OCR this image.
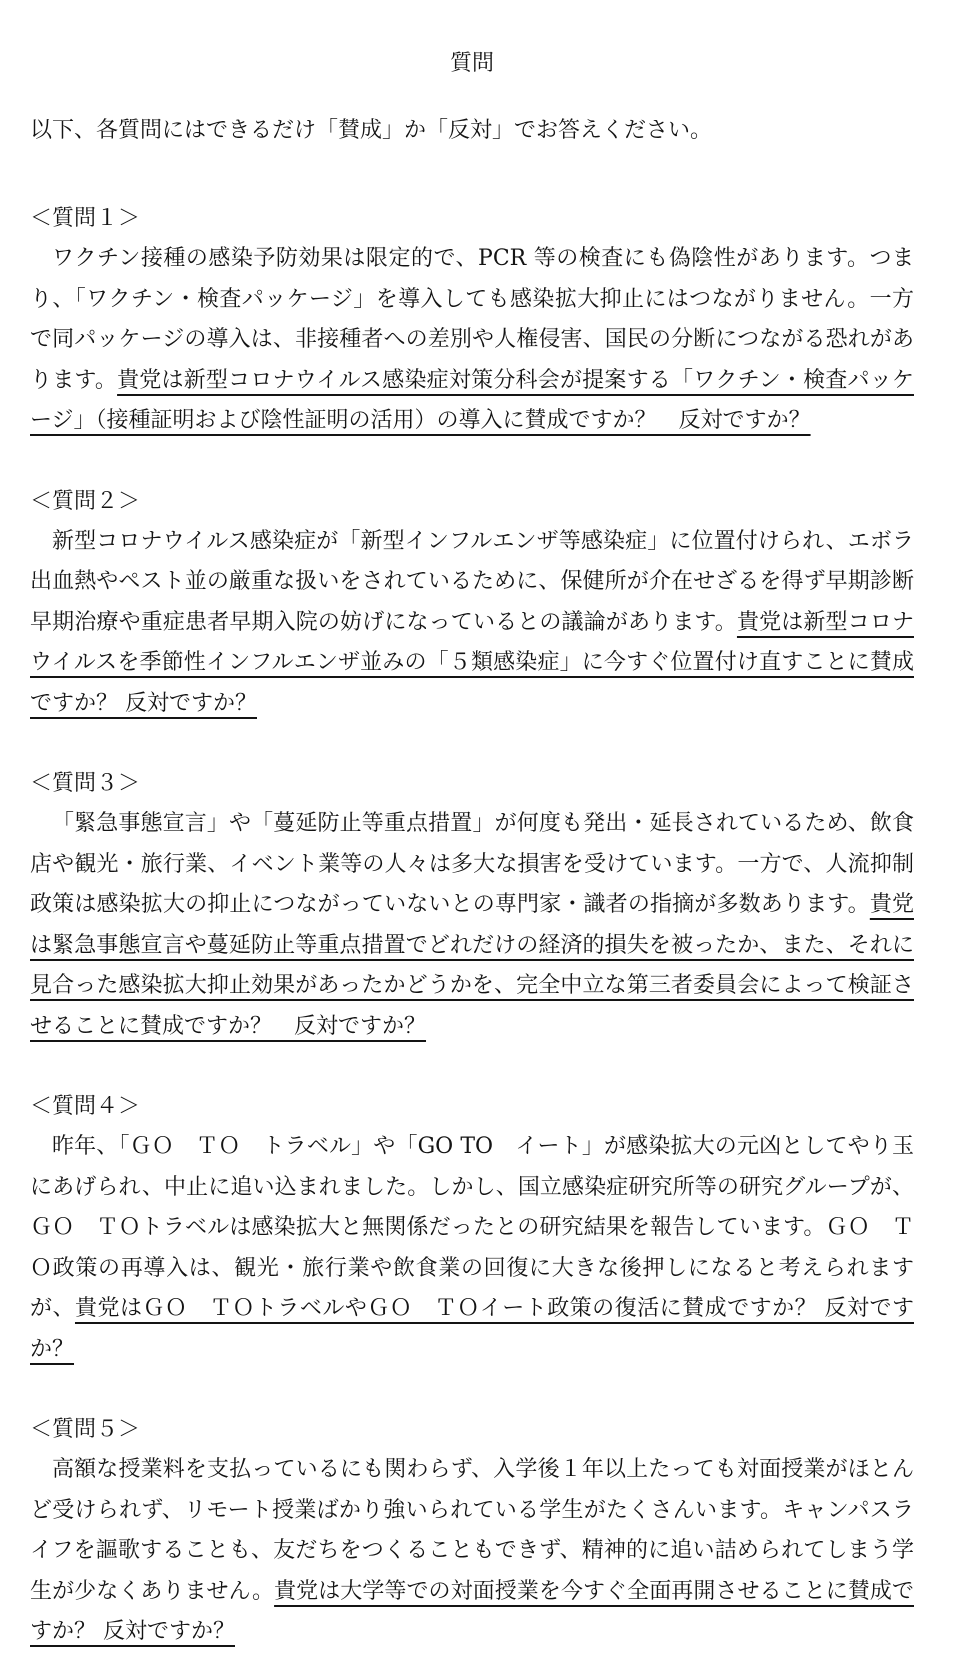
質問

以下、各質問にはできるだけ「賛成」か「反対」でお答えください。

＜質問１＞

ワクチン接種の感染予防効果は限定的で、PCR 等の検査にも偽陰性があります。つまり、「ワクチン・検査パッケージ」を導入しても感染拡大抑止にはつながりません。一方で同パッケージの導入は、非接種者への差別や人権侵害、国民の分断につながる恐れがあります。貴党は新型コロナウイルス感染症対策分科会が提案する「ワクチン・検査パッケージ」（接種証明および陰性証明の活用）の導入に賛成ですか？　反対ですか？

＜質問２＞

新型コロナウイルス感染症が「新型インフルエンザ等感染症」に位置付けられ、エボラ出血熱やペスト並の厳重な扱いをされているために、保健所が介在せざるを得ず早期診断早期治療や重症患者早期入院の妨げになっているとの議論があります。貴党は新型コロナウイルスを季節性インフルエンザ並みの「５類感染症」に今すぐ位置付け直すことに賛成ですか？ 反対ですか？

＜質問３＞

「緊急事態宣言」や「蔓延防止等重点措置」が何度も発出・延長されているため、飲食店や観光・旅行業、イベント業等の人々は多大な損害を受けています。一方で、人流抑制政策は感染拡大の抑止につながっていないとの専門家・識者の指摘が多数あります。貴党は緊急事態宣言や蔓延防止等重点措置でどれだけの経済的損失を被ったか、また、それに見合った感染拡大抑止効果があったかどうかを、完全中立な第三者委員会によって検証させることに賛成ですか？　反対ですか？

＜質問４＞

昨年、「ＧＯ　ＴＯ　トラベル」や「GO TO　イート」が感染拡大の元凶としてやり玉にあげられ、中止に追い込まれました。しかし、国立感染症研究所等の研究グループが、ＧＯ　ＴＯトラベルは感染拡大と無関係だったとの研究結果を報告しています。ＧＯ　ＴＯ政策の再導入は、観光・旅行業や飲食業の回復に大きな後押しになると考えられますが、貴党はＧＯ　ＴＯトラベルやＧＯ　ＴＯイート政策の復活に賛成ですか？ 反対ですか？

＜質問５＞

高額な授業料を支払っているにも関わらず、入学後１年以上たっても対面授業がほとんど受けられず、リモート授業ばかり強いられている学生がたくさんいます。キャンパスライフを謳歌することも、友だちをつくることもできず、精神的に追い詰められてしまう学生が少なくありません。貴党は大学等での対面授業を今すぐ全面再開させることに賛成ですか？ 反対ですか？
